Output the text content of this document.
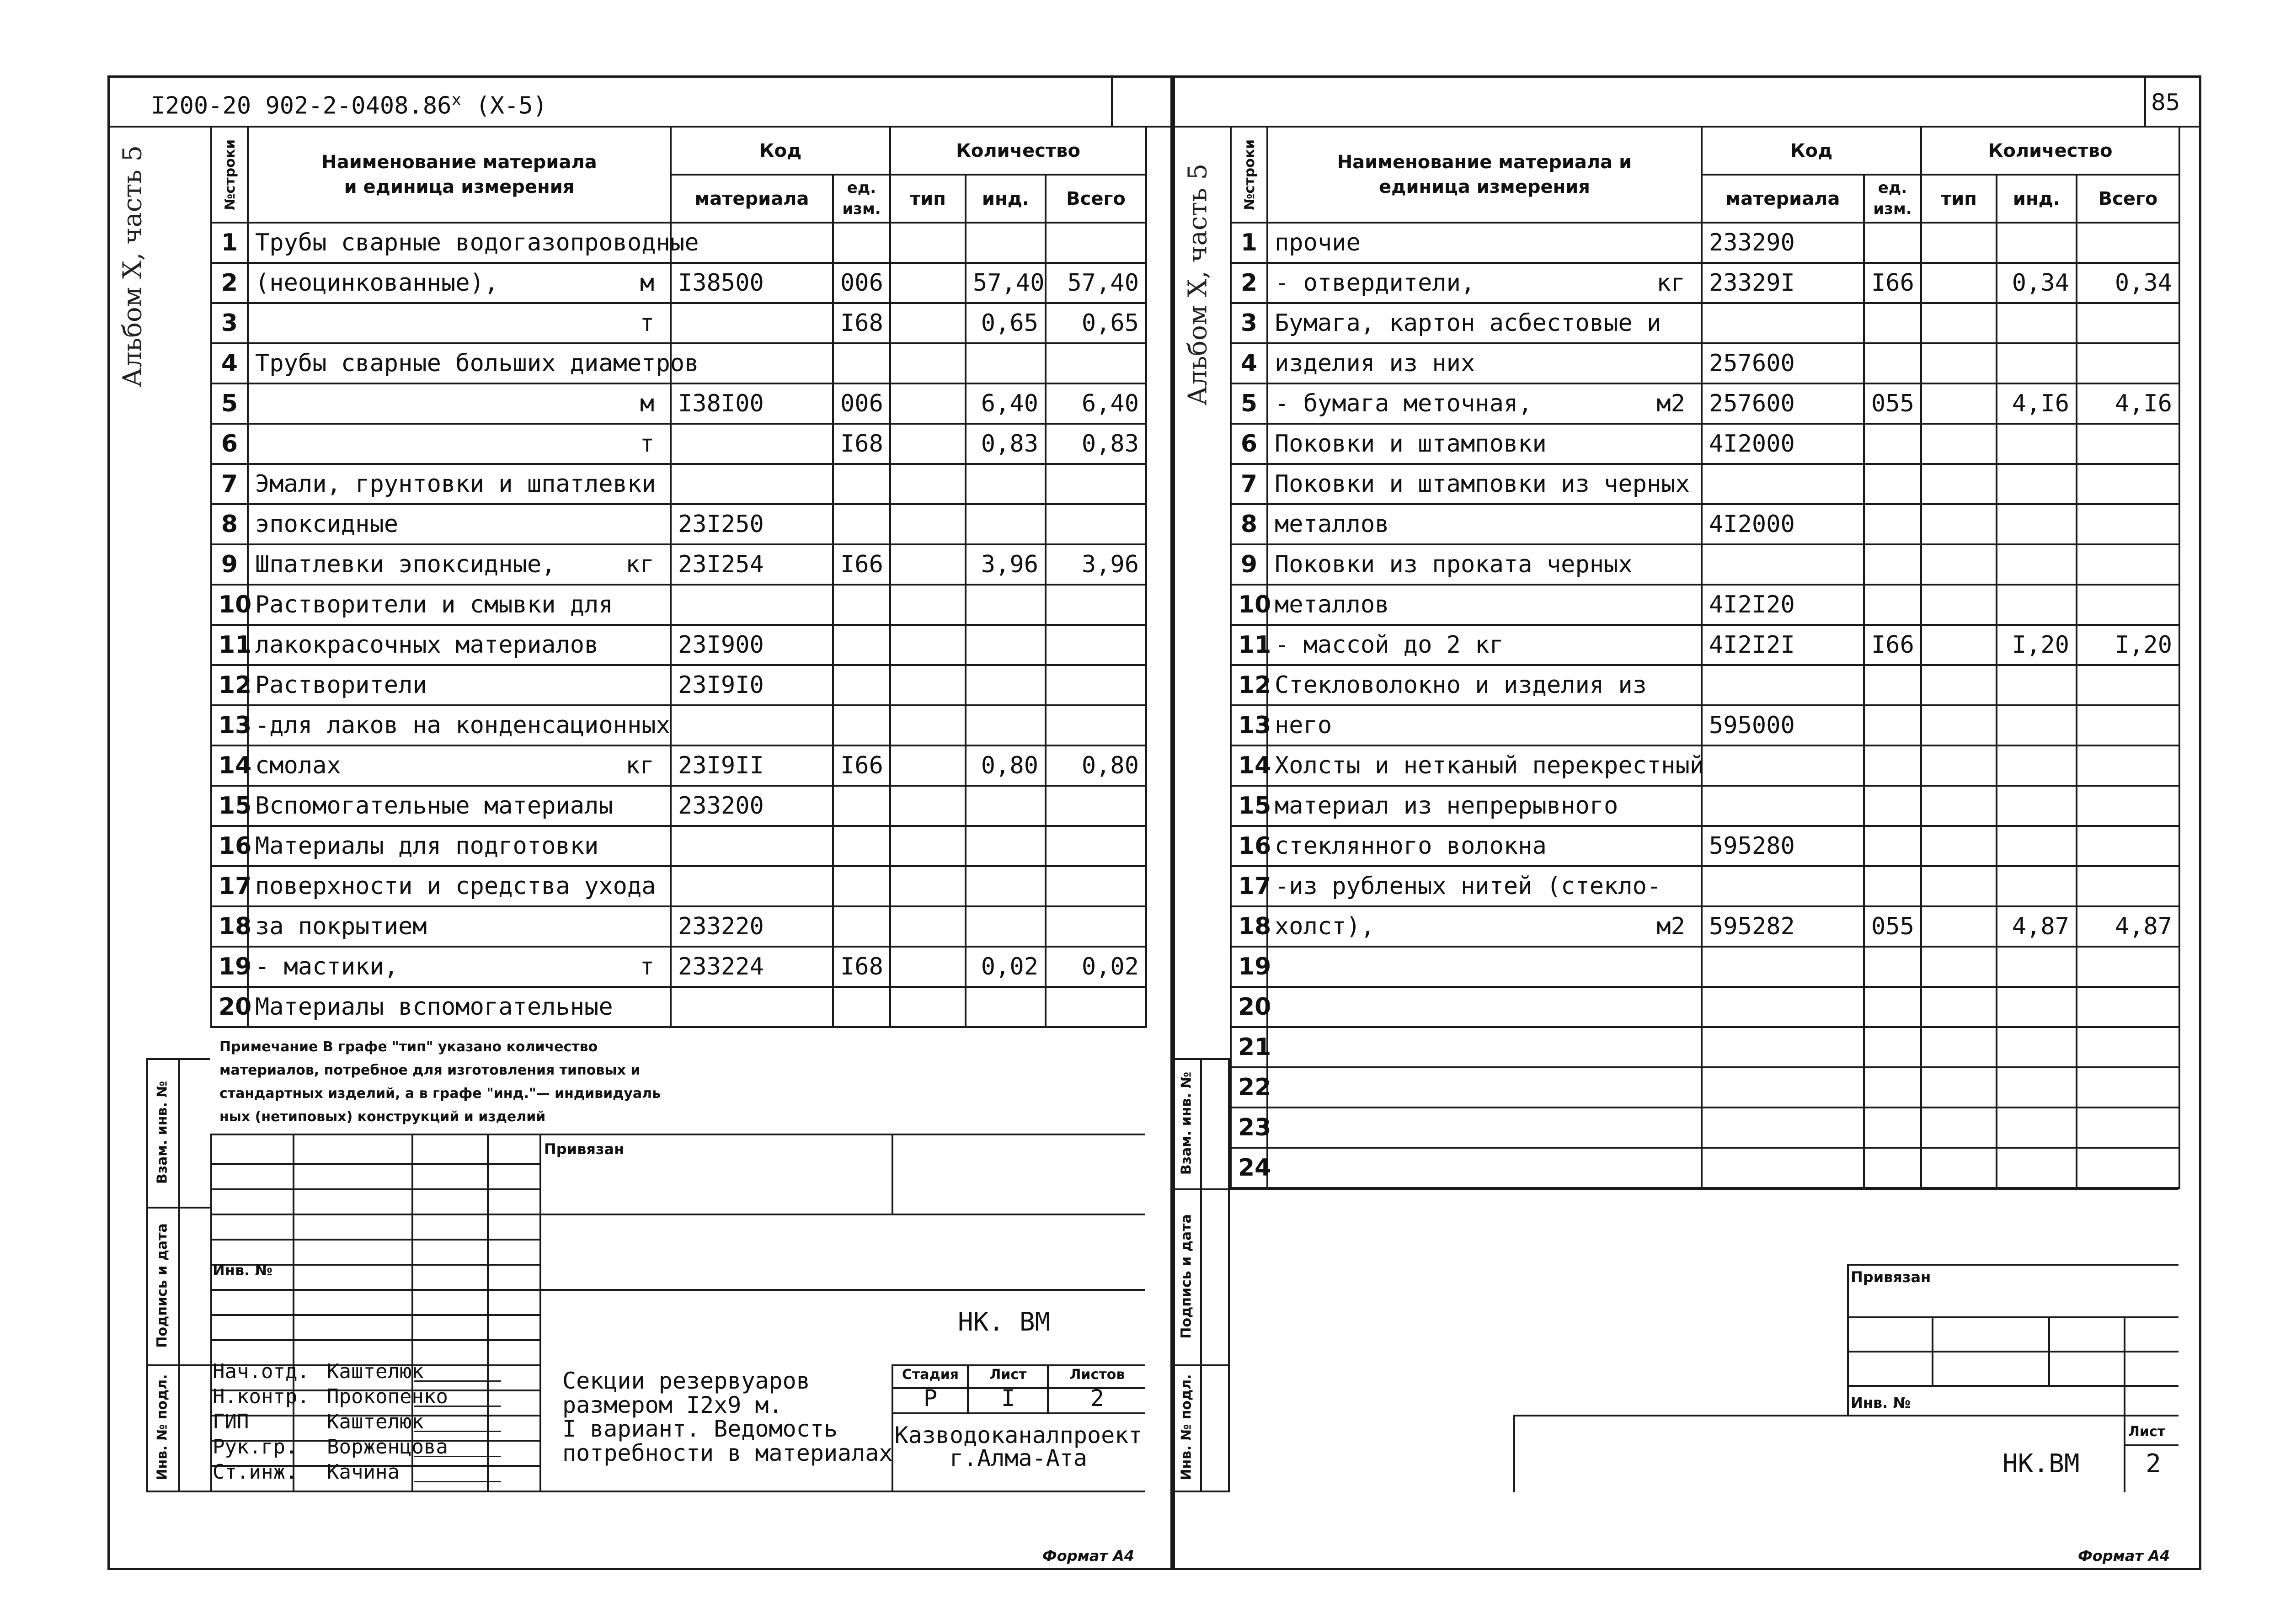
I200-20 902-2-0408.86$^x$ (X-5)
Альбом X, часть 5	№строки	Наименование материала и единица измерения	Код		Количество		
		материала	ед. изм.	тип	инд.	Всего
1	Трубы сварные водогазопроводные					

2	(неоцинкованные), м	I38500	006		57,40	57,40
3	т		I68		0,65	0,65
4	Трубы сварные больших диаметров					

5	м	I38I00	006		6,40	6,40
6	т		I68		0,83	0,83
7	Эмали, грунтовки и шпатлевки					

8	эпоксидные	23I250				
9	Шпатлевки эпоксидные, кг	23I254	I66		3,96	3,96
10	Растворители и смывки для					

11	лакокрасочных материалов	23I900				
12	Растворители	23I9I0				
13	-для лаков на конденсационных					

14	смолах кг	23I9II	I66		0,80	0,80
15	Вспомогательные материалы	233200				
16	Материалы для подготовки					

17	поверхности и средства ухода					

18	за покрытием	233220				
19	- мастики, т	233224	I68		0,02	0,02
20	Материалы вспомогательные					

Примечание В графе "тип" указано количество
материалов, потребное для изготовления типовых и
стандартных изделий, а в графе "инд."— индивидуаль
ных (нетиповых) конструкций и изделий
Привязан
Инв. №
НК. ВМ
Нач.отд. Каштелюк
Н.контр. Прокопенко
ГИП	Каштелюк
Рук.гр. Ворженцова
Ст.инж. Качина
Секции резервуаров
размером I2x9 м.
I вариант. Ведомость
потребности в материалах
Стадия	Лист	Листов
Р	I	2
Казводоканалпроект
г.Алма-Ата
Взам. инв. №
Подпись и дата
Инв. № подл.
Формат А4
85
Альбом X, часть 5 №строки	Наименование материала и единица измерения	Код		Количество		
		материала	ед. изм.	тип	инд.	Всего
1	прочие	233290				
2	- отвердители, кг	23329I	I66		0,34	0,34
3	Бумага, картон асбестовые и					

4	изделия из них	257600				
5	- бумага меточная, м2	257600	055		4,I6	4,I6
6	Поковки и штамповки	4I2000				
7	Поковки и штамповки из черных					

8	металлов	4I2000				
9	Поковки из проката черных					

10	металлов	4I2I20				
11	- массой до 2 кг	4I2I2I	I66		I,20	I,20
12	Стекловолокно и изделия из					

13	него	595000				
14	Холсты и нетканый перекрестный					

15	материал из непрерывного					

16	стеклянного волокна	595280				
17	-из рубленых нитей (стекло-					

18	холст), м2	595282	055		4,87	4,87
19	

20	

21	

22	

23	

24	

Привязан
Инв. №
НК.ВМ
Лист
2
Взам. инв. №
Подпись и дата
Инв. № подл.
Формат А4
